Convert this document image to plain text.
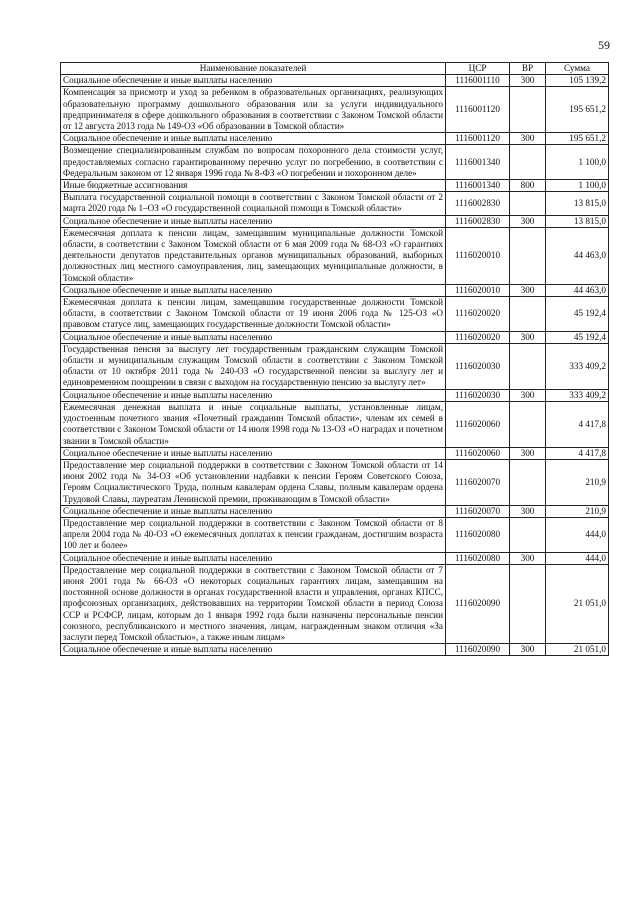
59
Наименование показателей	ЦСР	ВР	Сумма
Социальное обеспечение и иные выплаты населению	1116001110	300	105 139,2
Компенсация за присмотр и уход за ребенком в образовательных организациях, реализующих образовательную программу дошкольного образования или за услуги индивидуального предпринимателя в сфере дошкольного образования в соответствии с Законом Томской области от 12 августа 2013 года № 149-ОЗ «Об образовании в Томской области»	1116001120		195 651,2
Социальное обеспечение и иные выплаты населению	1116001120	300	195 651,2
Возмещение специализированным службам по вопросам похоронного дела стоимости услуг, предоставляемых согласно гарантированному перечню услуг по погребению, в соответствии с Федеральным законом от 12 января 1996 года № 8-ФЗ «О погребении и похоронном деле»	1116001340		1 100,0
Иные бюджетные ассигнования	1116001340	800	1 100,0
Выплата государственной социальной помощи в соответствии с Законом Томской области от 2 марта 2020 года № 1–ОЗ «О государственной социальной помощи в Томской области»	1116002830		13 815,0
Социальное обеспечение и иные выплаты населению	1116002830	300	13 815,0
Ежемесячная доплата к пенсии лицам, замещавшим муниципальные должности Томской области, в соответствии с Законом Томской области от 6 мая 2009 года № 68-ОЗ «О гарантиях деятельности депутатов представительных органов муниципальных образований, выборных должностных лиц местного самоуправления, лиц, замещающих муниципальные должности, в Томской области»	1116020010		44 463,0
Социальное обеспечение и иные выплаты населению	1116020010	300	44 463,0
Ежемесячная доплата к пенсии лицам, замещавшим государственные должности Томской области, в соответствии с Законом Томской области от 19 июня 2006 года № 125-ОЗ «О правовом статусе лиц, замещающих государственные должности Томской области»	1116020020		45 192,4
Социальное обеспечение и иные выплаты населению	1116020020	300	45 192,4
Государственная пенсия за выслугу лет государственным гражданским служащим Томской области и муниципальным служащим Томской области в соответствии с Законом Томской области от 10 октября 2011 года № 240-ОЗ «О государственной пенсии за выслугу лет и единовременном поощрении в связи с выходом на государственную пенсию за выслугу лет»	1116020030		333 409,2
Социальное обеспечение и иные выплаты населению	1116020030	300	333 409,2
Ежемесячная денежная выплата и иные социальные выплаты, установленные лицам, удостоенным почетного звания «Почетный гражданин Томской области», членам их семей в соответствии с Законом Томской области от 14 июля 1998 года № 13-ОЗ «О наградах и почетном звании в Томской области»	1116020060		4 417,8
Социальное обеспечение и иные выплаты населению	1116020060	300	4 417,8
Предоставление мер социальной поддержки в соответствии с Законом Томской области от 14 июня 2002 года № 34-ОЗ «Об установлении надбавки к пенсии Героям Советского Союза, Героям Социалистического Труда, полным кавалерам ордена Славы, полным кавалерам ордена Трудовой Славы, лауреатам Ленинской премии, проживающим в Томской области»	1116020070		210,9
Социальное обеспечение и иные выплаты населению	1116020070	300	210,9
Предоставление мер социальной поддержки в соответствии с Законом Томской области от 8 апреля 2004 года № 40-ОЗ «О ежемесячных доплатах к пенсии гражданам, достигшим возраста 100 лет и более»	1116020080		444,0
Социальное обеспечение и иные выплаты населению	1116020080	300	444,0
Предоставление мер социальной поддержки в соответствии с Законом Томской области от 7 июня 2001 года № 66-ОЗ «О некоторых социальных гарантиях лицам, замещавшим на постоянной основе должности в органах государственной власти и управления, органах КПСС, профсоюзных организациях, действовавших на территории Томской области в период Союза ССР и РСФСР, лицам, которым до 1 января 1992 года были назначены персональные пенсии союзного, республиканского и местного значения, лицам, награжденным знаком отличия «За заслуги перед Томской областью», а также иным лицам»	1116020090		21 051,0
Социальное обеспечение и иные выплаты населению	1116020090	300	21 051,0
